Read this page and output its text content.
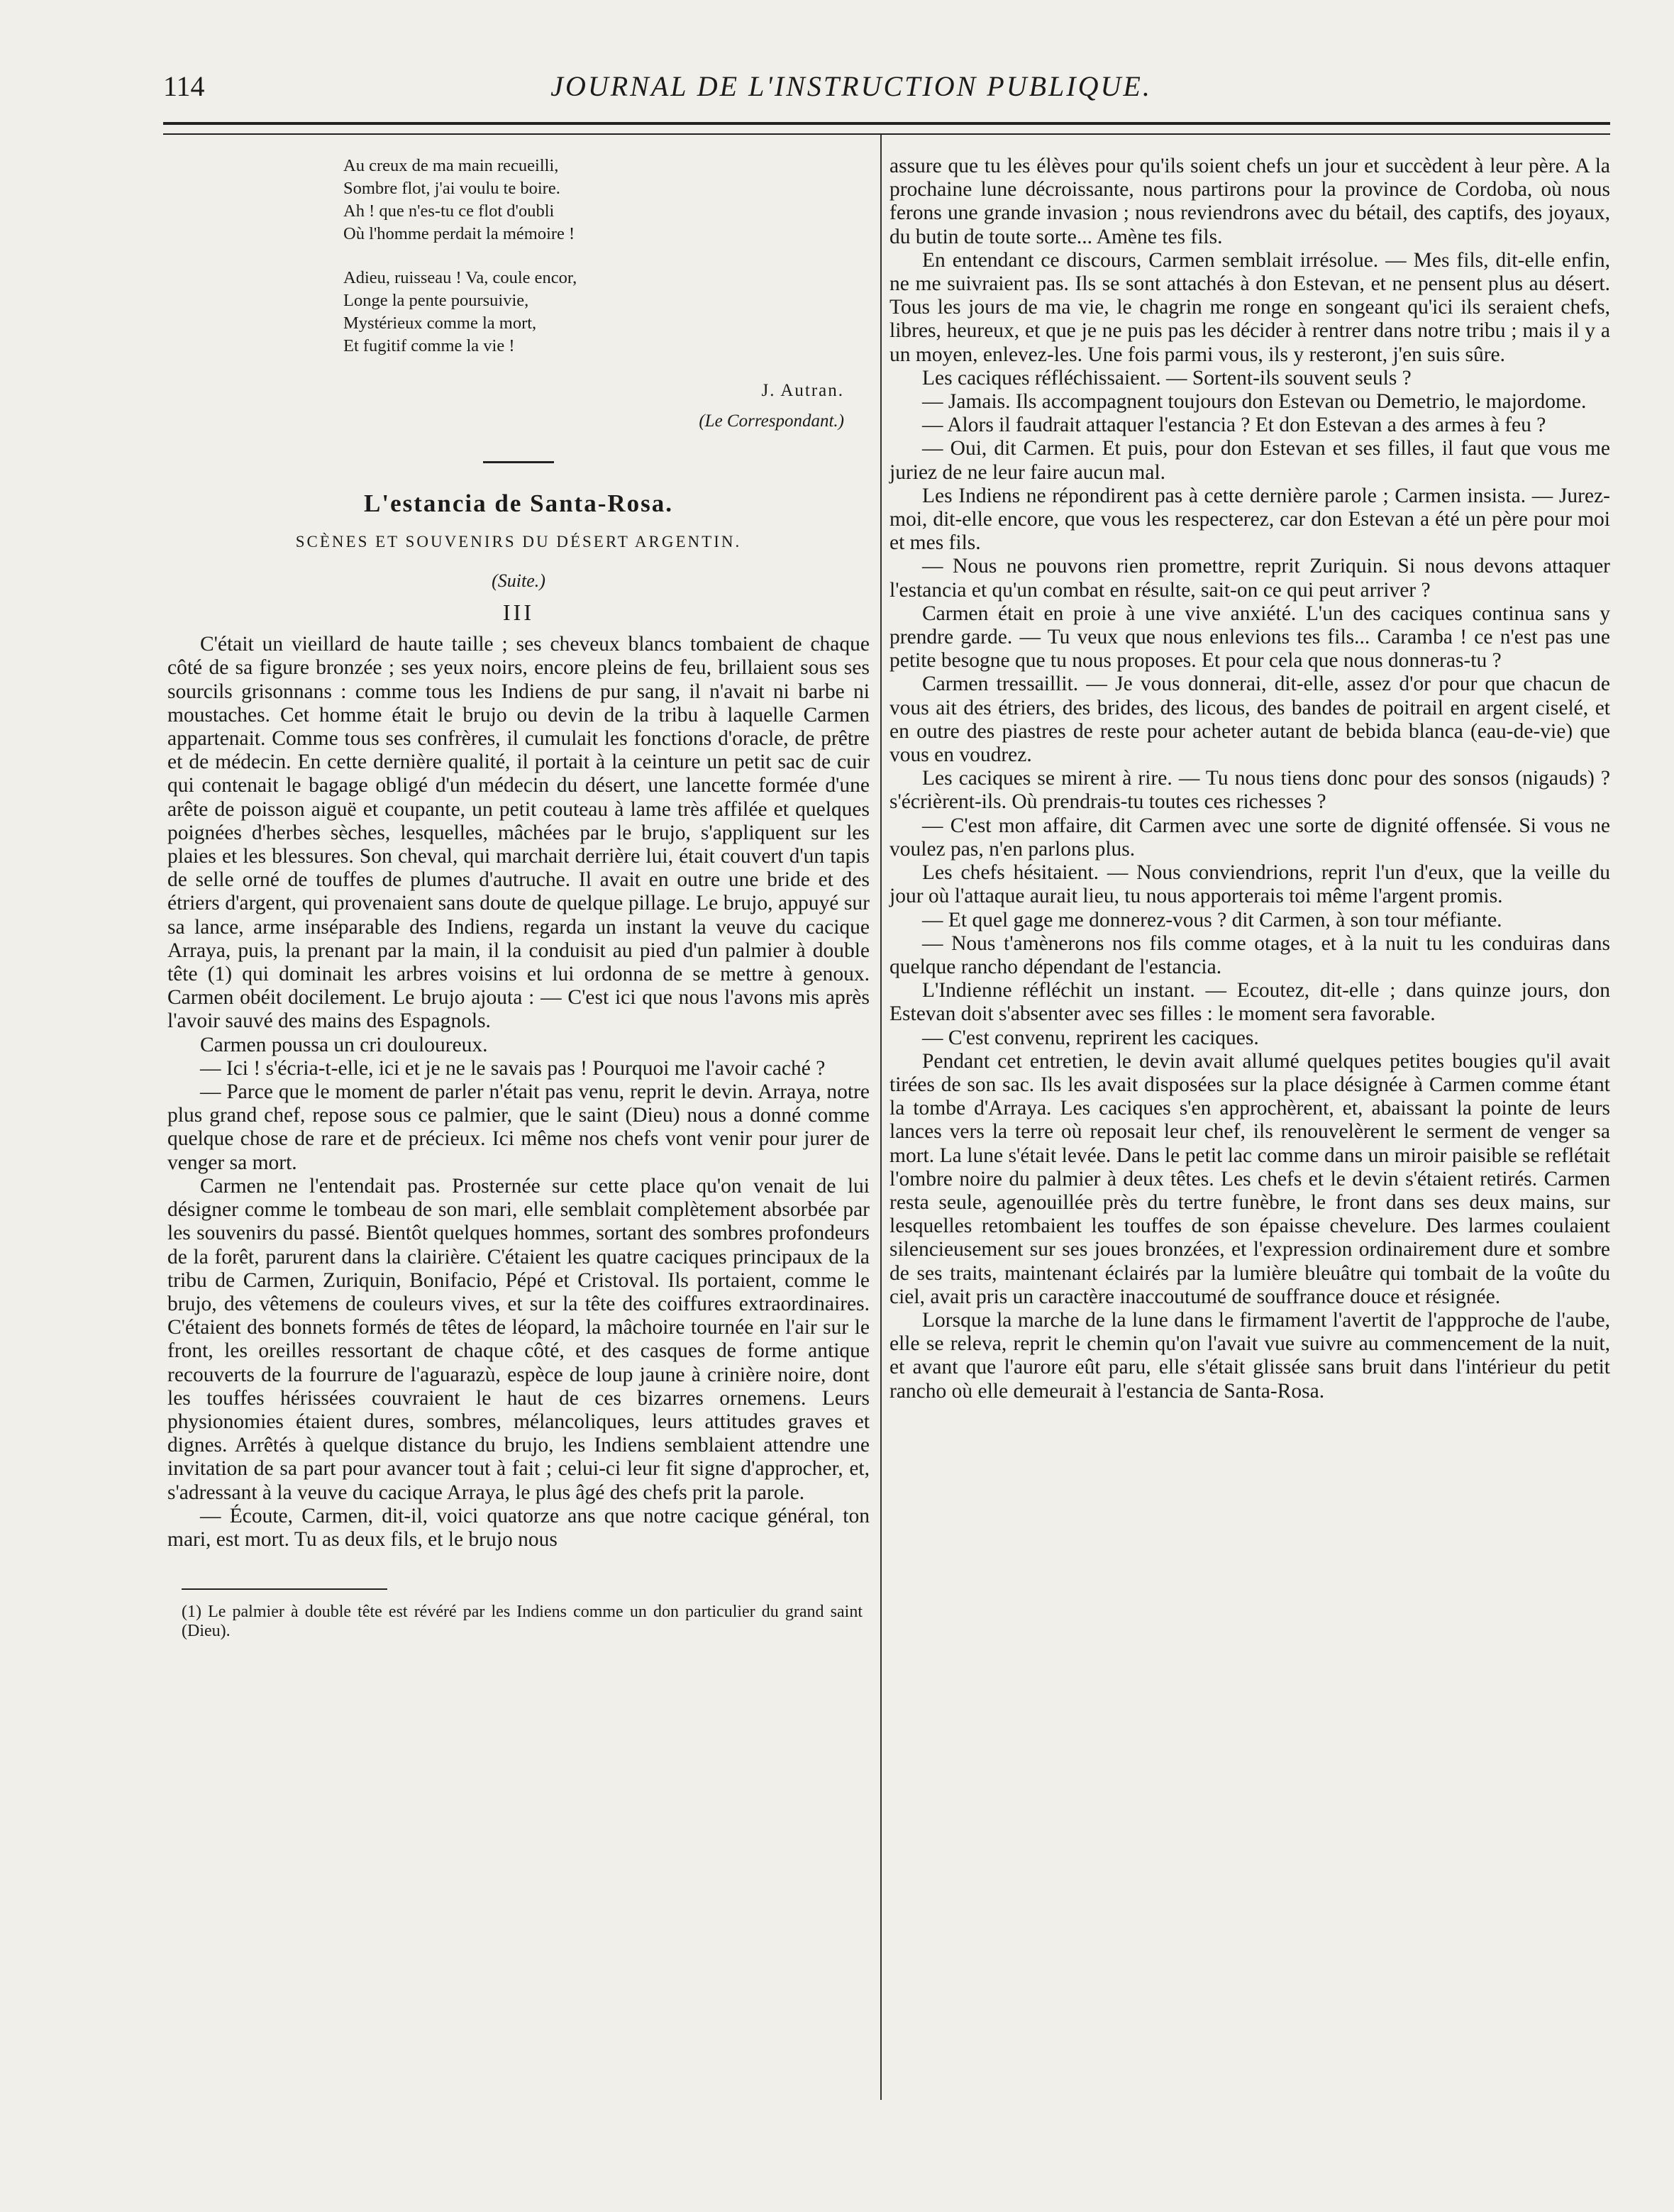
114	JOURNAL DE L'INSTRUCTION PUBLIQUE.
Au creux de ma main recueilli,
Sombre flot, j'ai voulu te boire.
Ah ! que n'es-tu ce flot d'oubli
Où l'homme perdait la mémoire !
Adieu, ruisseau ! Va, coule encor,
Longe la pente poursuivie,
Mystérieux comme la mort,
Et fugitif comme la vie !
J. Autran.
(Le Correspondant.)
L'estancia de Santa-Rosa.
SCÈNES ET SOUVENIRS DU DÉSERT ARGENTIN.
(Suite.)
III

C'était un vieillard de haute taille ; ses cheveux blancs tombaient de chaque côté de sa figure bronzée ; ses yeux noirs, encore pleins de feu, brillaient sous ses sourcils grisonnans : comme tous les Indiens de pur sang, il n'avait ni barbe ni moustaches. Cet homme était le brujo ou devin de la tribu à laquelle Carmen appartenait. Comme tous ses confrères, il cumulait les fonctions d'oracle, de prêtre et de médecin. En cette dernière qualité, il portait à la ceinture un petit sac de cuir qui contenait le bagage obligé d'un médecin du désert, une lancette formée d'une arête de poisson aiguë et coupante, un petit couteau à lame très affilée et quelques poignées d'herbes sèches, lesquelles, mâchées par le brujo, s'appliquent sur les plaies et les blessures. Son cheval, qui marchait derrière lui, était couvert d'un tapis de selle orné de touffes de plumes d'autruche. Il avait en outre une bride et des étriers d'argent, qui provenaient sans doute de quelque pillage. Le brujo, appuyé sur sa lance, arme inséparable des Indiens, regarda un instant la veuve du cacique Arraya, puis, la prenant par la main, il la conduisit au pied d'un palmier à double tête (1) qui dominait les arbres voisins et lui ordonna de se mettre à genoux. Carmen obéit docilement. Le brujo ajouta : — C'est ici que nous l'avons mis après l'avoir sauvé des mains des Espagnols.

Carmen poussa un cri douloureux.

— Ici ! s'écria-t-elle, ici et je ne le savais pas ! Pourquoi me l'avoir caché ?

— Parce que le moment de parler n'était pas venu, reprit le devin. Arraya, notre plus grand chef, repose sous ce palmier, que le saint (Dieu) nous a donné comme quelque chose de rare et de précieux. Ici même nos chefs vont venir pour jurer de venger sa mort.

Carmen ne l'entendait pas. Prosternée sur cette place qu'on venait de lui désigner comme le tombeau de son mari, elle semblait complètement absorbée par les souvenirs du passé. Bientôt quelques hommes, sortant des sombres profondeurs de la forêt, parurent dans la clairière. C'étaient les quatre caciques principaux de la tribu de Carmen, Zuriquin, Bonifacio, Pépé et Cristoval. Ils portaient, comme le brujo, des vêtemens de couleurs vives, et sur la tête des coiffures extraordinaires. C'étaient des bonnets formés de têtes de léopard, la mâchoire tournée en l'air sur le front, les oreilles ressortant de chaque côté, et des casques de forme antique recouverts de la fourrure de l'aguarazù, espèce de loup jaune à crinière noire, dont les touffes hérissées couvraient le haut de ces bizarres ornemens. Leurs physionomies étaient dures, sombres, mélancoliques, leurs attitudes graves et dignes. Arrêtés à quelque distance du brujo, les Indiens semblaient attendre une invitation de sa part pour avancer tout à fait ; celui-ci leur fit signe d'approcher, et, s'adressant à la veuve du cacique Arraya, le plus âgé des chefs prit la parole.

— Écoute, Carmen, dit-il, voici quatorze ans que notre cacique général, ton mari, est mort. Tu as deux fils, et le brujo nous

(1) Le palmier à double tête est révéré par les Indiens comme un don particulier du grand saint (Dieu).

assure que tu les élèves pour qu'ils soient chefs un jour et succèdent à leur père. A la prochaine lune décroissante, nous partirons pour la province de Cordoba, où nous ferons une grande invasion ; nous reviendrons avec du bétail, des captifs, des joyaux, du butin de toute sorte... Amène tes fils.

En entendant ce discours, Carmen semblait irrésolue. — Mes fils, dit-elle enfin, ne me suivraient pas. Ils se sont attachés à don Estevan, et ne pensent plus au désert. Tous les jours de ma vie, le chagrin me ronge en songeant qu'ici ils seraient chefs, libres, heureux, et que je ne puis pas les décider à rentrer dans notre tribu ; mais il y a un moyen, enlevez-les. Une fois parmi vous, ils y resteront, j'en suis sûre.

Les caciques réfléchissaient. — Sortent-ils souvent seuls ?

— Jamais. Ils accompagnent toujours don Estevan ou Demetrio, le majordome.

— Alors il faudrait attaquer l'estancia ? Et don Estevan a des armes à feu ?

— Oui, dit Carmen. Et puis, pour don Estevan et ses filles, il faut que vous me juriez de ne leur faire aucun mal.

Les Indiens ne répondirent pas à cette dernière parole ; Carmen insista. — Jurez-moi, dit-elle encore, que vous les respecterez, car don Estevan a été un père pour moi et mes fils.

— Nous ne pouvons rien promettre, reprit Zuriquin. Si nous devons attaquer l'estancia et qu'un combat en résulte, sait-on ce qui peut arriver ?

Carmen était en proie à une vive anxiété. L'un des caciques continua sans y prendre garde. — Tu veux que nous enlevions tes fils... Caramba ! ce n'est pas une petite besogne que tu nous proposes. Et pour cela que nous donneras-tu ?

Carmen tressaillit. — Je vous donnerai, dit-elle, assez d'or pour que chacun de vous ait des étriers, des brides, des licous, des bandes de poitrail en argent ciselé, et en outre des piastres de reste pour acheter autant de bebida blanca (eau-de-vie) que vous en voudrez.

Les caciques se mirent à rire. — Tu nous tiens donc pour des sonsos (nigauds) ? s'écrièrent-ils. Où prendrais-tu toutes ces richesses ?

— C'est mon affaire, dit Carmen avec une sorte de dignité offensée. Si vous ne voulez pas, n'en parlons plus.

Les chefs hésitaient. — Nous conviendrions, reprit l'un d'eux, que la veille du jour où l'attaque aurait lieu, tu nous apporterais toi même l'argent promis.

— Et quel gage me donnerez-vous ? dit Carmen, à son tour méfiante.

— Nous t'amènerons nos fils comme otages, et à la nuit tu les conduiras dans quelque rancho dépendant de l'estancia.

L'Indienne réfléchit un instant. — Ecoutez, dit-elle ; dans quinze jours, don Estevan doit s'absenter avec ses filles : le moment sera favorable.

— C'est convenu, reprirent les caciques.

Pendant cet entretien, le devin avait allumé quelques petites bougies qu'il avait tirées de son sac. Ils les avait disposées sur la place désignée à Carmen comme étant la tombe d'Arraya. Les caciques s'en approchèrent, et, abaissant la pointe de leurs lances vers la terre où reposait leur chef, ils renouvelèrent le serment de venger sa mort. La lune s'était levée. Dans le petit lac comme dans un miroir paisible se reflétait l'ombre noire du palmier à deux têtes. Les chefs et le devin s'étaient retirés. Carmen resta seule, agenouillée près du tertre funèbre, le front dans ses deux mains, sur lesquelles retombaient les touffes de son épaisse chevelure. Des larmes coulaient silencieusement sur ses joues bronzées, et l'expression ordinairement dure et sombre de ses traits, maintenant éclairés par la lumière bleuâtre qui tombait de la voûte du ciel, avait pris un caractère inaccoutumé de souffrance douce et résignée.

Lorsque la marche de la lune dans le firmament l'avertit de l'appproche de l'aube, elle se releva, reprit le chemin qu'on l'avait vue suivre au commencement de la nuit, et avant que l'aurore eût paru, elle s'était glissée sans bruit dans l'intérieur du petit rancho où elle demeurait à l'estancia de Santa-Rosa.
